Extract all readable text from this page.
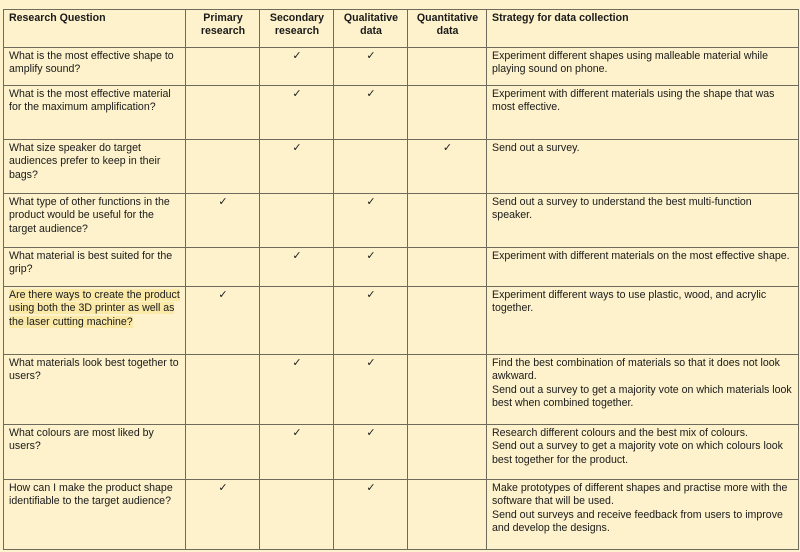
Research Question	Primary research	Secondary research	Qualitative data	Quantitative data	Strategy for data collection
What is the most effective shape to amplify sound?		✓	✓		Experiment different shapes using malleable material while playing sound on phone.
What is the most effective material for the maximum amplification?		✓	✓		Experiment with different materials using the shape that was most effective.
What size speaker do target audiences prefer to keep in their bags?		✓		✓	Send out a survey.
What type of other functions in the product would be useful for the target audience?	✓		✓		Send out a survey to understand the best multi-function speaker.
What material is best suited for the grip?		✓	✓		Experiment with different materials on the most effective shape.
Are there ways to create the product using both the 3D printer as well as the laser cutting machine?	✓		✓		Experiment different ways to use plastic, wood, and acrylic together.
What materials look best together to users?		✓	✓		Find the best combination of materials so that it does not look awkward.
Send out a survey to get a majority vote on which materials look best when combined together.
What colours are most liked by users?		✓	✓		Research different colours and the best mix of colours.
Send out a survey to get a majority vote on which colours look best together for the product.
How can I make the product shape identifiable to the target audience?	✓		✓		Make prototypes of different shapes and practise more with the software that will be used.
Send out surveys and receive feedback from users to improve and develop the designs.
